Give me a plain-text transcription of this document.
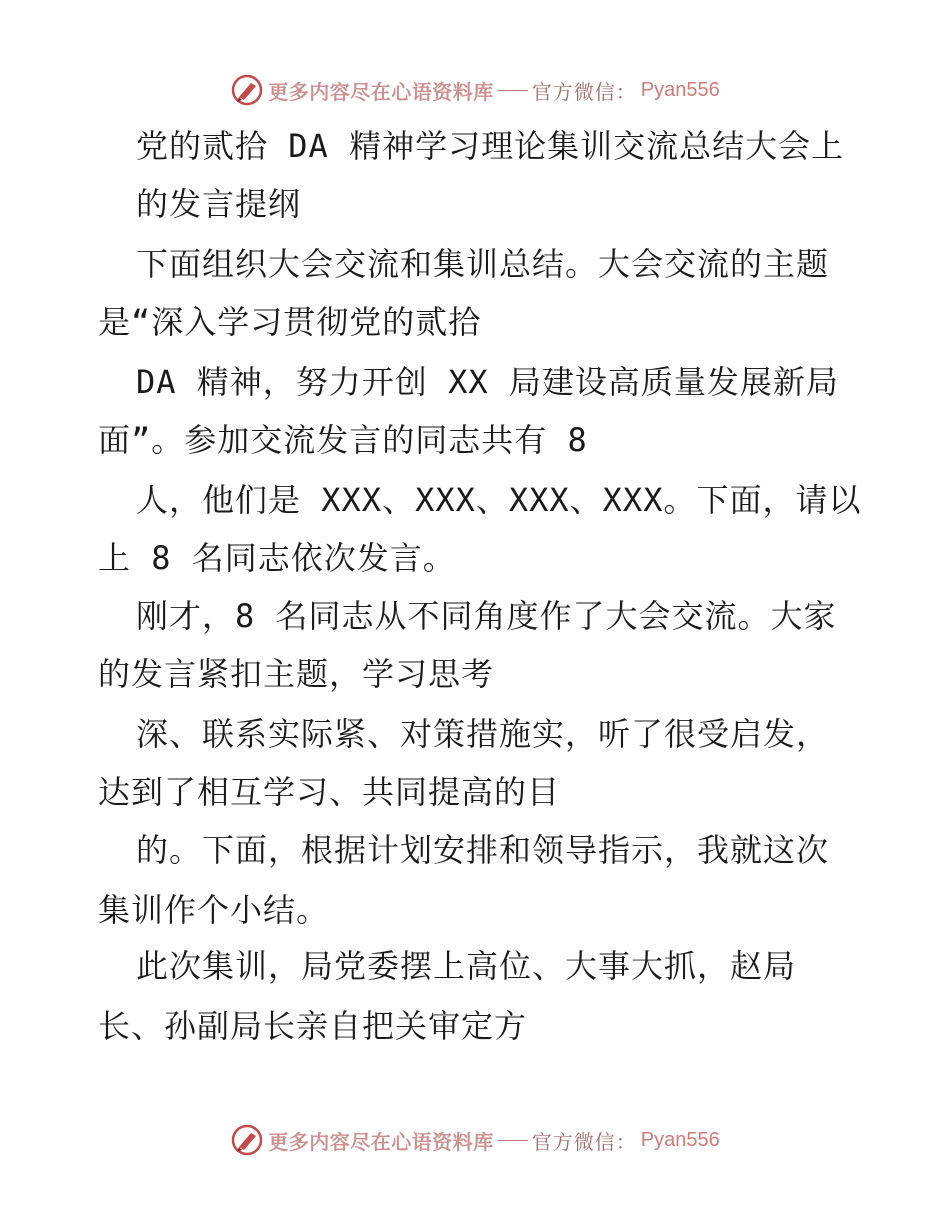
更多内容尽在心语资料库 官方微信： Pyan556

党的贰拾 DA 精神学习理论集训交流总结大会上

的发言提纲

下面组织大会交流和集训总结。大会交流的主题

是“深入学习贯彻党的贰拾

DA 精神，努力开创 XX 局建设高质量发展新局

面”。参加交流发言的同志共有 8

人，他们是 XXX、XXX、XXX、XXX。下面，请以

上 8 名同志依次发言。

刚才，8 名同志从不同角度作了大会交流。大家

的发言紧扣主题，学习思考

深、联系实际紧、对策措施实，听了很受启发，

达到了相互学习、共同提高的目

的。下面，根据计划安排和领导指示，我就这次

集训作个小结。

此次集训，局党委摆上高位、大事大抓，赵局

长、孙副局长亲自把关审定方

更多内容尽在心语资料库 官方微信： Pyan556
